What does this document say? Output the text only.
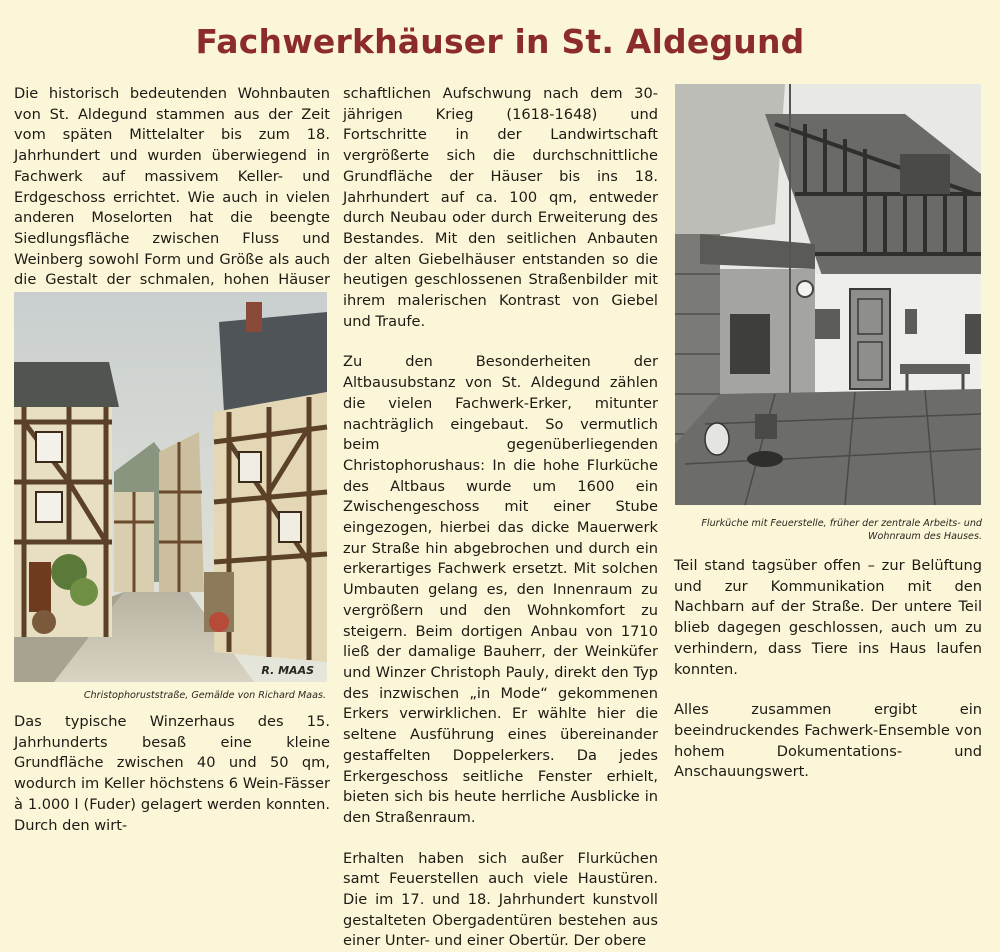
Fachwerkhäuser in St. Aldegund

Die historisch bedeutenden Wohnbauten von St. Aldegund stammen aus der Zeit vom späten Mittelalter bis zum 18. Jahrhundert und wurden überwiegend in Fachwerk auf massivem Keller- und Erdgeschoss errichtet. Wie auch in vielen anderen Moselorten hat die beengte Siedlungsfläche zwischen Fluss und Weinberg sowohl Form und Größe als auch die Gestalt der schmalen, hohen Häuser

R. MAAS
Christophoruststraße, Gemälde von Richard Maas.

Das typische Winzerhaus des 15. Jahrhunderts besaß eine kleine Grundfläche zwischen 40 und 50 qm, wodurch im Keller höchstens 6 Wein-Fässer à 1.000 l (Fuder) gelagert werden konnten. Durch den wirt-

schaftlichen Aufschwung nach dem 30-jährigen Krieg (1618-1648) und Fortschritte in der Landwirtschaft vergrößerte sich die durchschnittliche Grundfläche der Häuser bis ins 18. Jahrhundert auf ca. 100 qm, entweder durch Neubau oder durch Erweiterung des Bestandes. Mit den seitlichen Anbauten der alten Giebelhäuser entstanden so die heutigen geschlossenen Straßenbilder mit ihrem malerischen Kontrast von Giebel und Traufe.

Zu den Besonderheiten der Altbausubstanz von St. Aldegund zählen die vielen Fachwerk-Erker, mitunter nachträglich eingebaut. So vermutlich beim gegenüberliegenden Christophorushaus: In die hohe Flurküche des Altbaus wurde um 1600 ein Zwischengeschoss mit einer Stube eingezogen, hierbei das dicke Mauerwerk zur Straße hin abgebrochen und durch ein erkerartiges Fachwerk ersetzt. Mit solchen Umbauten gelang es, den Innenraum zu vergrößern und den Wohnkomfort zu steigern. Beim dortigen Anbau von 1710 ließ der damalige Bauherr, der Weinküfer und Winzer Christoph Pauly, direkt den Typ des inzwischen „in Mode“ gekommenen Erkers verwirklichen. Er wählte hier die seltene Ausführung eines übereinander gestaffelten Doppelerkers. Da jedes Erkergeschoss seitliche Fenster erhielt, bieten sich bis heute herrliche Ausblicke in den Straßenraum.

Erhalten haben sich außer Flurküchen samt Feuerstellen auch viele Haustüren. Die im 17. und 18. Jahrhundert kunstvoll gestalteten Obergadentüren bestehen aus einer Unter- und einer Obertür. Der obere

Flurküche mit Feuerstelle, früher der zentrale Arbeits- und
Wohnraum des Hauses.

Teil stand tagsüber offen – zur Belüftung und zur Kommunikation mit den Nachbarn auf der Straße. Der untere Teil blieb dagegen geschlossen, auch um zu verhindern, dass Tiere ins Haus laufen konnten.

Alles zusammen ergibt ein beeindruckendes Fachwerk-Ensemble von hohem Dokumentations- und Anschauungswert.
